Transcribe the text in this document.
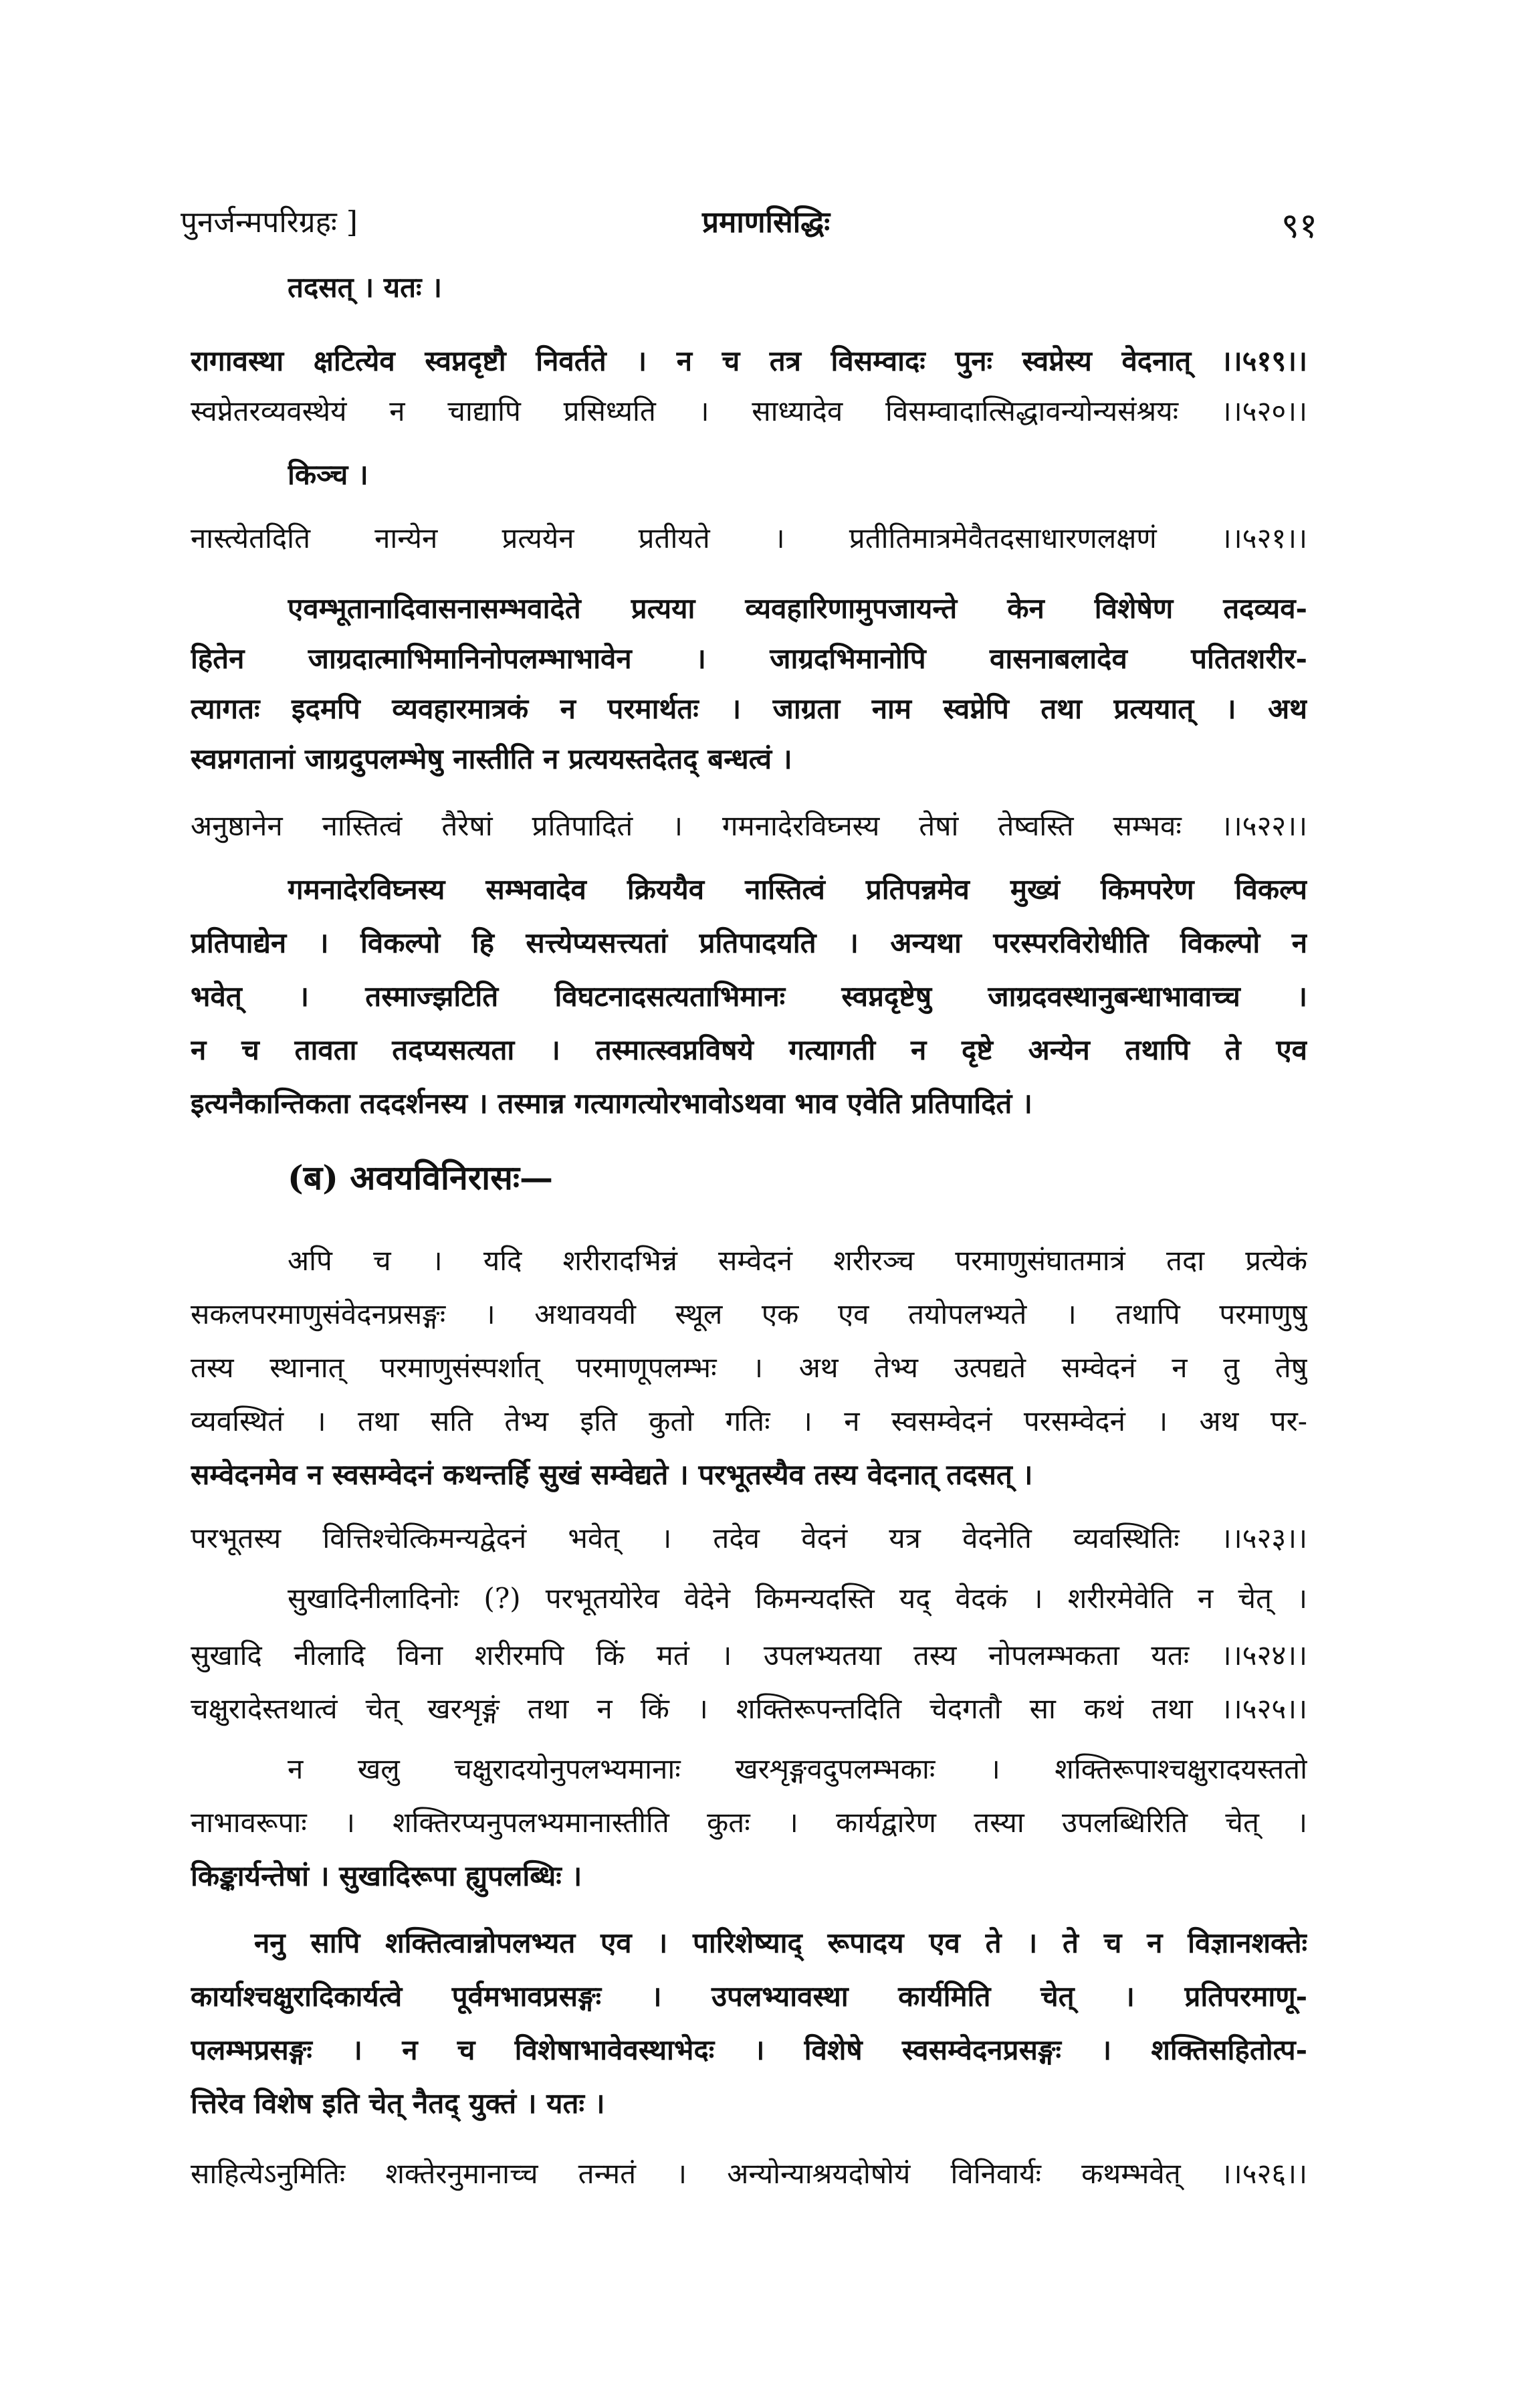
पुनर्जन्मपरिग्रहः ]	प्रमाणसिद्धिः	९१
तदसत् । यतः ।
रागावस्था क्षटित्येव स्वप्नदृष्टौ निवर्तते । न च तत्र विसम्वादः पुनः स्वप्नेस्य वेदनात् ।।५१९।।
स्वप्नेतरव्यवस्थेयं न चाद्यापि प्रसिध्यति । साध्यादेव विसम्वादात्सिद्धावन्योन्यसंश्रयः ।।५२०।।
किञ्च ।
नास्त्येतदिति नान्येन प्रत्ययेन प्रतीयते । प्रतीतिमात्रमेवैतदसाधारणलक्षणं ।।५२१।।
एवम्भूतानादिवासनासम्भवादेते प्रत्यया व्यवहारिणामुपजायन्ते केन विशेषेण तदव्यव-
हितेन जाग्रदात्माभिमानिनोपलम्भाभावेन । जाग्रदभिमानोपि वासनाबलादेव पतितशरीर-
त्यागतः इदमपि व्यवहारमात्रकं न परमार्थतः । जाग्रता नाम स्वप्नेपि तथा प्रत्ययात् । अथ
स्वप्नगतानां जाग्रदुपलम्भेषु नास्तीति न प्रत्ययस्तदेतद् बन्धत्वं ।
अनुष्ठानेन नास्तित्वं तैरेषां प्रतिपादितं । गमनादेरविघ्नस्य तेषां तेष्वस्ति सम्भवः ।।५२२।।
गमनादेरविघ्नस्य सम्भवादेव क्रिययैव नास्तित्वं प्रतिपन्नमेव मुख्यं किमपरेण विकल्प
प्रतिपाद्येन । विकल्पो हि सत्त्येप्यसत्त्यतां प्रतिपादयति । अन्यथा परस्परविरोधीति विकल्पो न
भवेत् । तस्माज्झटिति विघटनादसत्यताभिमानः स्वप्नदृष्टेषु जाग्रदवस्थानुबन्धाभावाच्च ।
न च तावता तदप्यसत्यता । तस्मात्स्वप्नविषये गत्यागती न दृष्टे अन्येन तथापि ते एव
इत्यनैकान्तिकता तददर्शनस्य । तस्मान्न गत्यागत्योरभावोऽथवा भाव एवेति प्रतिपादितं ।
(ब) अवयविनिरासः—
अपि च । यदि शरीरादभिन्नं सम्वेदनं शरीरञ्च परमाणुसंघातमात्रं तदा प्रत्येकं
सकलपरमाणुसंवेदनप्रसङ्गः । अथावयवी स्थूल एक एव तयोपलभ्यते । तथापि परमाणुषु
तस्य स्थानात् परमाणुसंस्पर्शात् परमाणूपलम्भः । अथ तेभ्य उत्पद्यते सम्वेदनं न तु तेषु
व्यवस्थितं । तथा सति तेभ्य इति कुतो गतिः । न स्वसम्वेदनं परसम्वेदनं । अथ पर-
सम्वेदनमेव न स्वसम्वेदनं कथन्तर्हि सुखं सम्वेद्यते । परभूतस्यैव तस्य वेदनात् तदसत् ।
परभूतस्य वित्तिश्चेत्किमन्यद्वेदनं भवेत् । तदेव वेदनं यत्र वेदनेति व्यवस्थितिः ।।५२३।।
सुखादिनीलादिनोः (?) परभूतयोरेव वेदेने किमन्यदस्ति यद् वेदकं । शरीरमेवेति न चेत् ।
सुखादि नीलादि विना शरीरमपि किं मतं । उपलभ्यतया तस्य नोपलम्भकता यतः ।।५२४।।
चक्षुरादेस्तथात्वं चेत् खरशृङ्गं तथा न किं । शक्तिरूपन्तदिति चेदगतौ सा कथं तथा ।।५२५।।
न खलु चक्षुरादयोनुपलभ्यमानाः खरशृङ्गवदुपलम्भकाः । शक्तिरूपाश्चक्षुरादयस्ततो
नाभावरूपाः । शक्तिरप्यनुपलभ्यमानास्तीति कुतः । कार्यद्वारेण तस्या उपलब्धिरिति चेत् ।
किङ्कार्यन्तेषां । सुखादिरूपा ह्युपलब्धिः ।
ननु सापि शक्तित्वान्नोपलभ्यत एव । पारिशेष्याद् रूपादय एव ते । ते च न विज्ञानशक्तेः
कार्याश्चक्षुरादिकार्यत्वे पूर्वमभावप्रसङ्गः । उपलभ्यावस्था कार्यमिति चेत् । प्रतिपरमाणू-
पलम्भप्रसङ्गः । न च विशेषाभावेवस्थाभेदः । विशेषे स्वसम्वेदनप्रसङ्गः । शक्तिसहितोत्प-
त्तिरेव विशेष इति चेत् नैतद् युक्तं । यतः ।
साहित्येऽनुमितिः शक्तेरनुमानाच्च तन्मतं । अन्योन्याश्रयदोषोयं विनिवार्यः कथम्भवेत् ।।५२६।।
